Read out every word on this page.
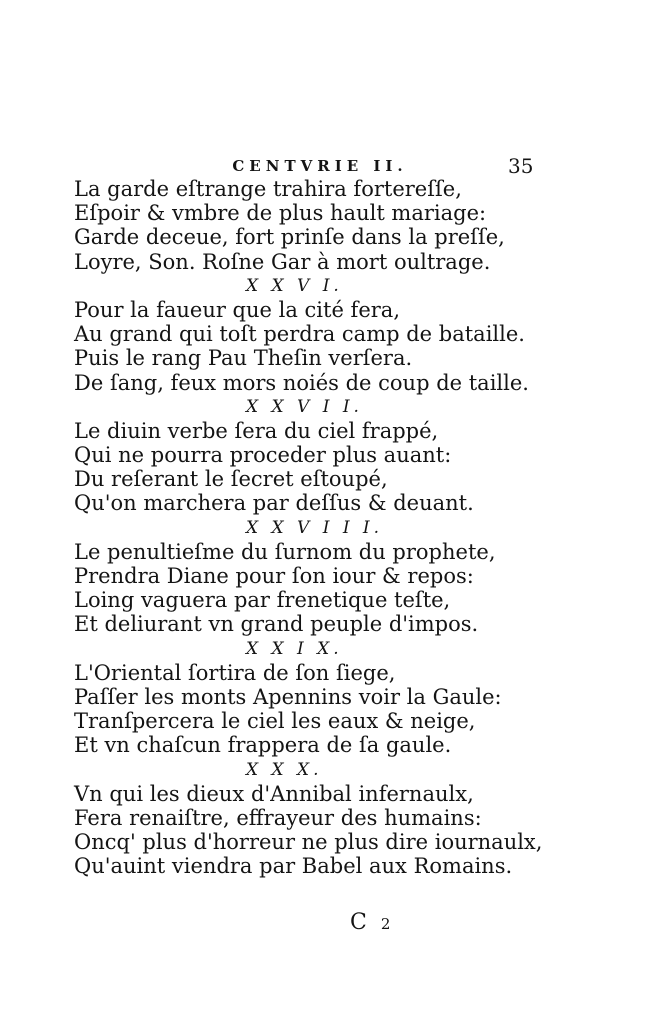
CENTVRIE II.	35
La garde eſtrange trahira fortereſſe,
Eſpoir & vmbre de plus hault mariage:
Garde deceue, fort prinſe dans la preſſe,
Loyre, Son. Roſne Gar à mort oultrage.
X X V I.
Pour la faueur que la cité fera,
Au grand qui toſt perdra camp de bataille.
Puis le rang Pau Theſin verſera.
De ſang, feux mors noiés de coup de taille.
X X V I I.
Le diuin verbe ſera du ciel frappé,
Qui ne pourra proceder plus auant:
Du reſerant le ſecret eſtoupé,
Qu'on marchera par deſſus & deuant.
X X V I I I.
Le penultieſme du ſurnom du prophete,
Prendra Diane pour ſon iour & repos:
Loing vaguera par frenetique teſte,
Et deliurant vn grand peuple d'impos.
X X I X.
L'Oriental ſortira de ſon ſiege,
Paſſer les monts Apennins voir la Gaule:
Tranſpercera le ciel les eaux & neige,
Et vn chaſcun frappera de ſa gaule.
X X X.
Vn qui les dieux d'Annibal infernaulx,
Fera renaiſtre, effrayeur des humains:
Oncq' plus d'horreur ne plus dire iournaulx,
Qu'auint viendra par Babel aux Romains.
C 2
